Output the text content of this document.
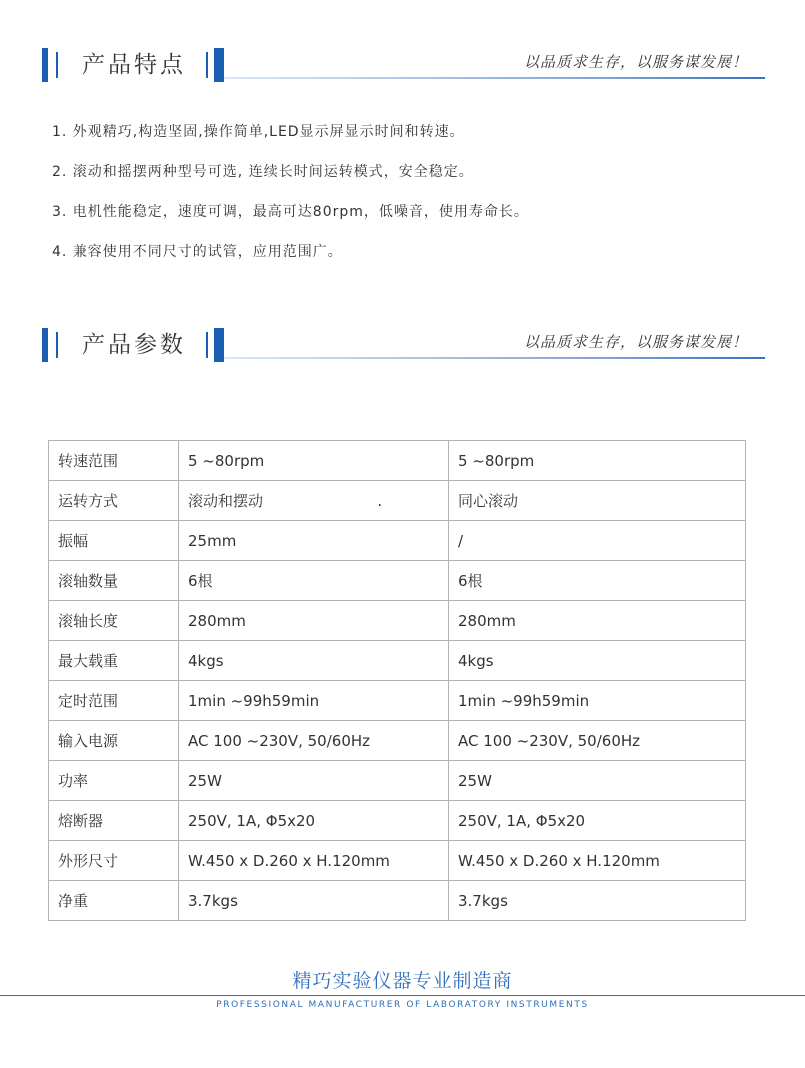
产品特点	以品质求生存，以服务谋发展！
1. 外观精巧,构造坚固,操作简单,LED显示屏显示时间和转速。
2. 滚动和摇摆两种型号可选, 连续长时间运转模式，安全稳定。
3. 电机性能稳定，速度可调，最高可达80rpm，低噪音，使用寿命长。
4. 兼容使用不同尺寸的试管，应用范围广。
产品参数	以品质求生存，以服务谋发展！
转速范围	5 ~80rpm	5 ~80rpm
运转方式	滚动和摆动                        .	同心滚动
振幅	25mm	/
滚轴数量	6根	6根
滚轴长度	280mm	280mm
最大载重	4kgs	4kgs
定时范围	1min ~99h59min	1min ~99h59min
输入电源	AC 100 ~230V, 50/60Hz	AC 100 ~230V, 50/60Hz
功率	25W	25W
熔断器	250V, 1A, Φ5x20	250V, 1A, Φ5x20
外形尺寸	W.450 x D.260 x H.120mm	W.450 x D.260 x H.120mm
净重	3.7kgs	3.7kgs
精巧实验仪器专业制造商
PROFESSIONAL MANUFACTURER OF LABORATORY INSTRUMENTS
